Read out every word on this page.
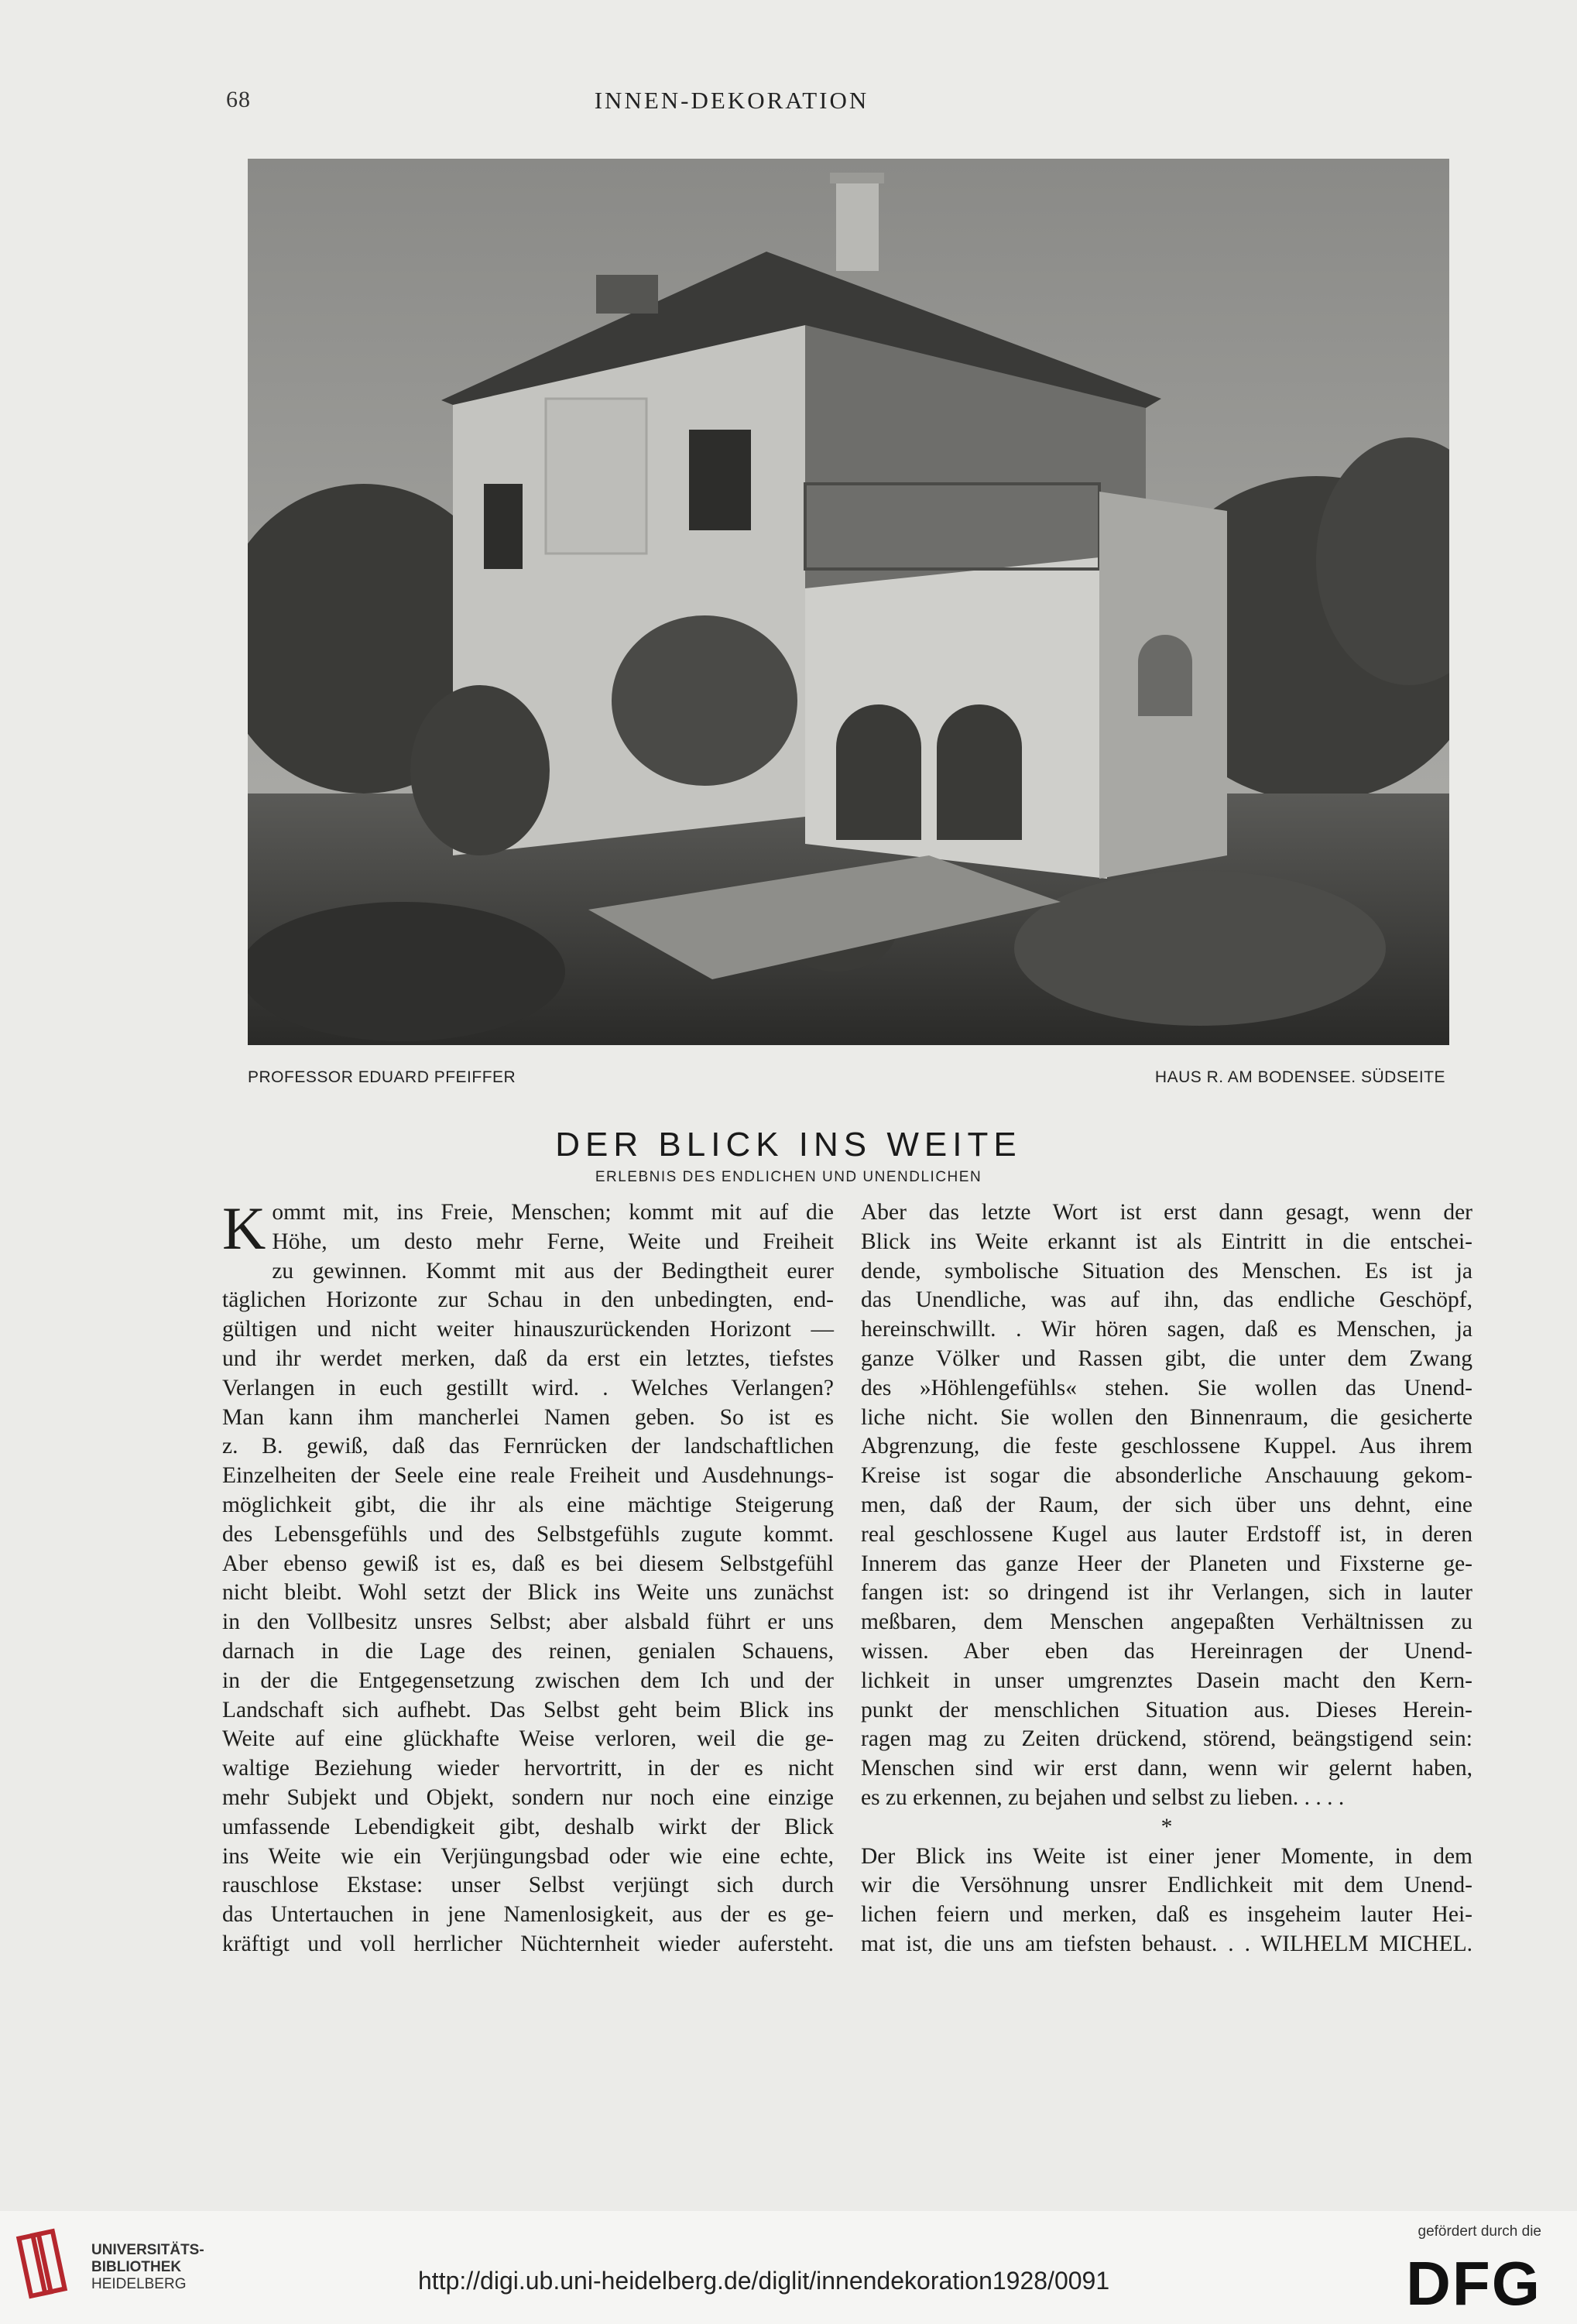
68	INNEN-DEKORATION
PROFESSOR EDUARD PFEIFFER	HAUS R. AM BODENSEE. SÜDSEITE
DER BLICK INS WEITE
ERLEBNIS DES ENDLICHEN UND UNENDLICHEN
K ommt mit, ins Freie, Menschen; kommt mit auf die
Höhe, um desto mehr Ferne, Weite und Freiheit
zu gewinnen. Kommt mit aus der Bedingtheit eurer
täglichen Horizonte zur Schau in den unbedingten, end-
gültigen und nicht weiter hinauszurückenden Horizont —
und ihr werdet merken, daß da erst ein letztes, tiefstes
Verlangen in euch gestillt wird. . Welches Verlangen?
Man kann ihm mancherlei Namen geben. So ist es
z. B. gewiß, daß das Fernrücken der landschaftlichen
Einzelheiten der Seele eine reale Freiheit und Ausdehnungs-
möglichkeit gibt, die ihr als eine mächtige Steigerung
des Lebensgefühls und des Selbstgefühls zugute kommt.
Aber ebenso gewiß ist es, daß es bei diesem Selbstgefühl
nicht bleibt. Wohl setzt der Blick ins Weite uns zunächst
in den Vollbesitz unsres Selbst; aber alsbald führt er uns
darnach in die Lage des reinen, genialen Schauens,
in der die Entgegensetzung zwischen dem Ich und der
Landschaft sich aufhebt. Das Selbst geht beim Blick ins
Weite auf eine glückhafte Weise verloren, weil die ge-
waltige Beziehung wieder hervortritt, in der es nicht
mehr Subjekt und Objekt, sondern nur noch eine einzige
umfassende Lebendigkeit gibt, deshalb wirkt der Blick
ins Weite wie ein Verjüngungsbad oder wie eine echte,
rauschlose Ekstase: unser Selbst verjüngt sich durch
das Untertauchen in jene Namenlosigkeit, aus der es ge-
kräftigt und voll herrlicher Nüchternheit wieder aufersteht.
Aber das letzte Wort ist erst dann gesagt, wenn der
Blick ins Weite erkannt ist als Eintritt in die entschei-
dende, symbolische Situation des Menschen. Es ist ja
das Unendliche, was auf ihn, das endliche Geschöpf,
hereinschwillt. . Wir hören sagen, daß es Menschen, ja
ganze Völker und Rassen gibt, die unter dem Zwang
des »Höhlengefühls« stehen. Sie wollen das Unend-
liche nicht. Sie wollen den Binnenraum, die gesicherte
Abgrenzung, die feste geschlossene Kuppel. Aus ihrem
Kreise ist sogar die absonderliche Anschauung gekom-
men, daß der Raum, der sich über uns dehnt, eine
real geschlossene Kugel aus lauter Erdstoff ist, in deren
Innerem das ganze Heer der Planeten und Fixsterne ge-
fangen ist: so dringend ist ihr Verlangen, sich in lauter
meßbaren, dem Menschen angepaßten Verhältnissen zu
wissen. Aber eben das Hereinragen der Unend-
lichkeit in unser umgrenztes Dasein macht den Kern-
punkt der menschlichen Situation aus. Dieses Herein-
ragen mag zu Zeiten drückend, störend, beängstigend sein:
Menschen sind wir erst dann, wenn wir gelernt haben,
es zu erkennen, zu bejahen und selbst zu lieben. . . . .
*
Der Blick ins Weite ist einer jener Momente, in dem
wir die Versöhnung unsrer Endlichkeit mit dem Unend-
lichen feiern und merken, daß es insgeheim lauter Hei-
mat ist, die uns am tiefsten behaust. . . WILHELM MICHEL.
UNIVERSITÄTS-
BIBLIOTHEK
HEIDELBERG	http://digi.ub.uni-heidelberg.de/diglit/innendekoration1928/0091
gefördert durch die
DFG
